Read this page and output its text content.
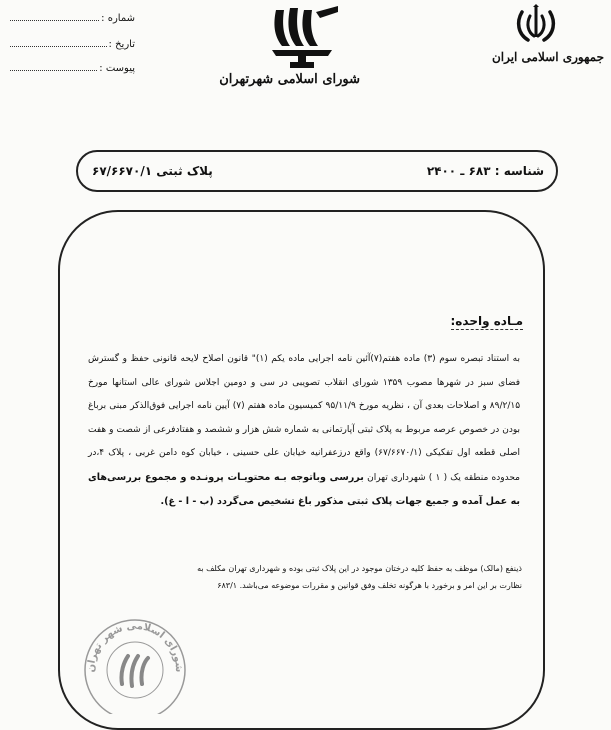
شماره :
تاریخ :
پیوست :
شورای اسلامی شهرتهران
جمهوری اسلامی ایران
شناسه : ۶۸۳ ـ ۲۴۰۰
پلاک ثبتی ۶۷/۶۶۷۰/۱
مـاده واحده:

به استناد تبصره سوم (۳) ماده هفتم(۷)آئین نامه اجرایی ماده یکم (۱)" قانون اصلاح لایحه قانونی حفظ و گسترش فضای سبز در شهرها مصوب ۱۳۵۹ شورای انقلاب تصویبی در سی و دومین اجلاس شورای عالی استانها مورخ ۸۹/۲/۱۵ و اصلاحات بعدی آن ، نظریه مورخ ۹۵/۱۱/۹ کمیسیون ماده هفتم (۷) آیین نامه اجرایی فوق‌الذکر مبنی برباغ بودن در خصوص عرصه مربوط به پلاک ثبتی آپارتمانی به شماره شش هزار و ششصد و هفتادفرعی از شصت و هفت اصلی قطعه اول تفکیکی (۶۷/۶۶۷۰/۱) واقع درزعفرانیه خیابان علی حسینی ، خیابان کوه دامن غربی ، پلاک ۴،در محدوده منطقه یک ( ۱ ) شهرداری تهران بررسی وباتوجه بـه محتویـات پرونـده و مجموع بررسی‌های به عمل آمده و جمیع جهات پلاک ثبتی مذکور باغ تشخیص می‌گردد (ب - ا - غ).

ذینفع (مالک) موظف به حفظ کلیه درختان موجود در این پلاک ثبتی بوده و شهرداری تهران مکلف به

نظارت بر این امر و برخورد با هرگونه تخلف وفق قوانین و مقررات موضوعه می‌باشد. ۶۸۳/۱

شورای اسلامی شهر تهران
